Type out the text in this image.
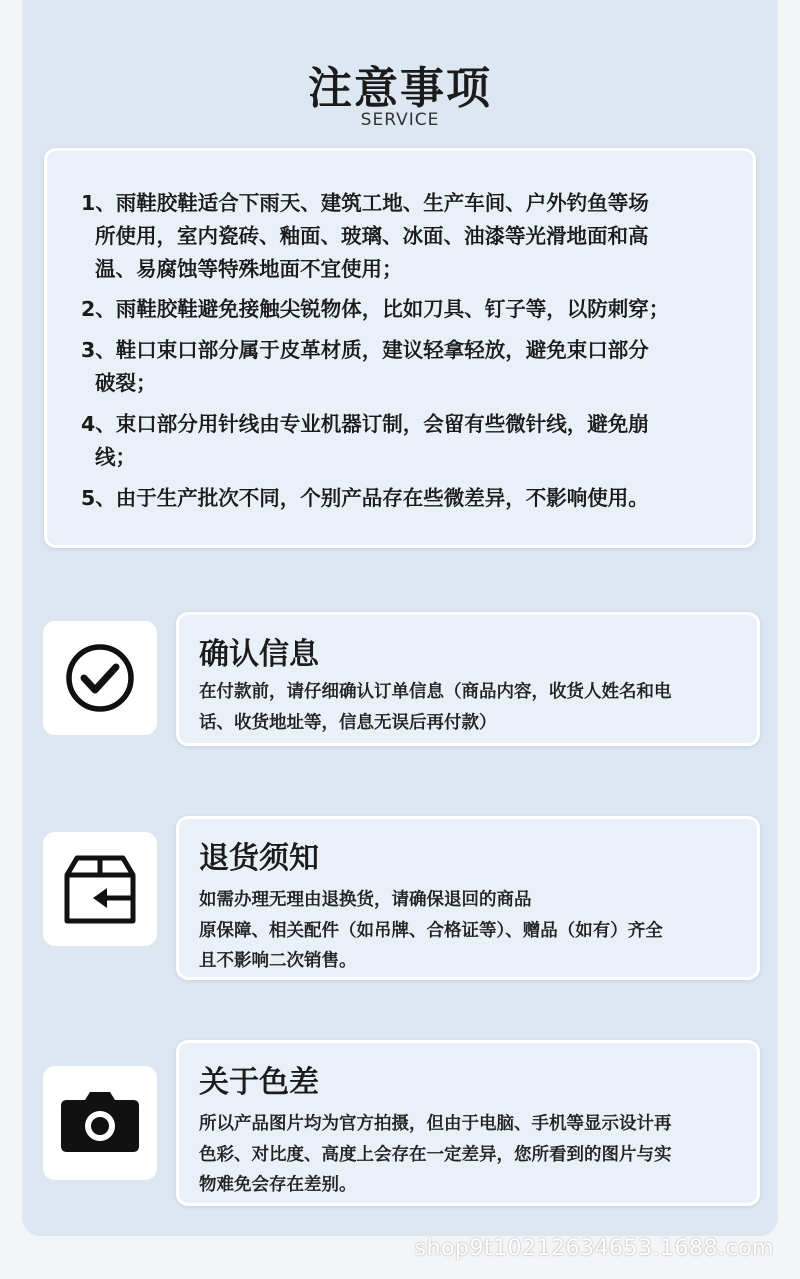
注意事项
SERVICE
1、雨鞋胶鞋适合下雨天、建筑工地、生产车间、户外钓鱼等场
所使用，室内瓷砖、釉面、玻璃、冰面、油漆等光滑地面和高
温、易腐蚀等特殊地面不宜使用；
2、雨鞋胶鞋避免接触尖锐物体，比如刀具、钉子等，以防刺穿；
3、鞋口束口部分属于皮革材质，建议轻拿轻放，避免束口部分
破裂；
4、束口部分用针线由专业机器订制，会留有些微针线，避免崩
线；
5、由于生产批次不同，个别产品存在些微差异，不影响使用。
确认信息
在付款前，请仔细确认订单信息（商品内容，收货人姓名和电
话、收货地址等，信息无误后再付款）
退货须知
如需办理无理由退换货，请确保退回的商品
原保障、相关配件（如吊牌、合格证等）、赠品（如有）齐全
且不影响二次销售。
关于色差
所以产品图片均为官方拍摄，但由于电脑、手机等显示设计再
色彩、对比度、高度上会存在一定差异，您所看到的图片与实
物难免会存在差别。
shop9t10212634653.1688.com
